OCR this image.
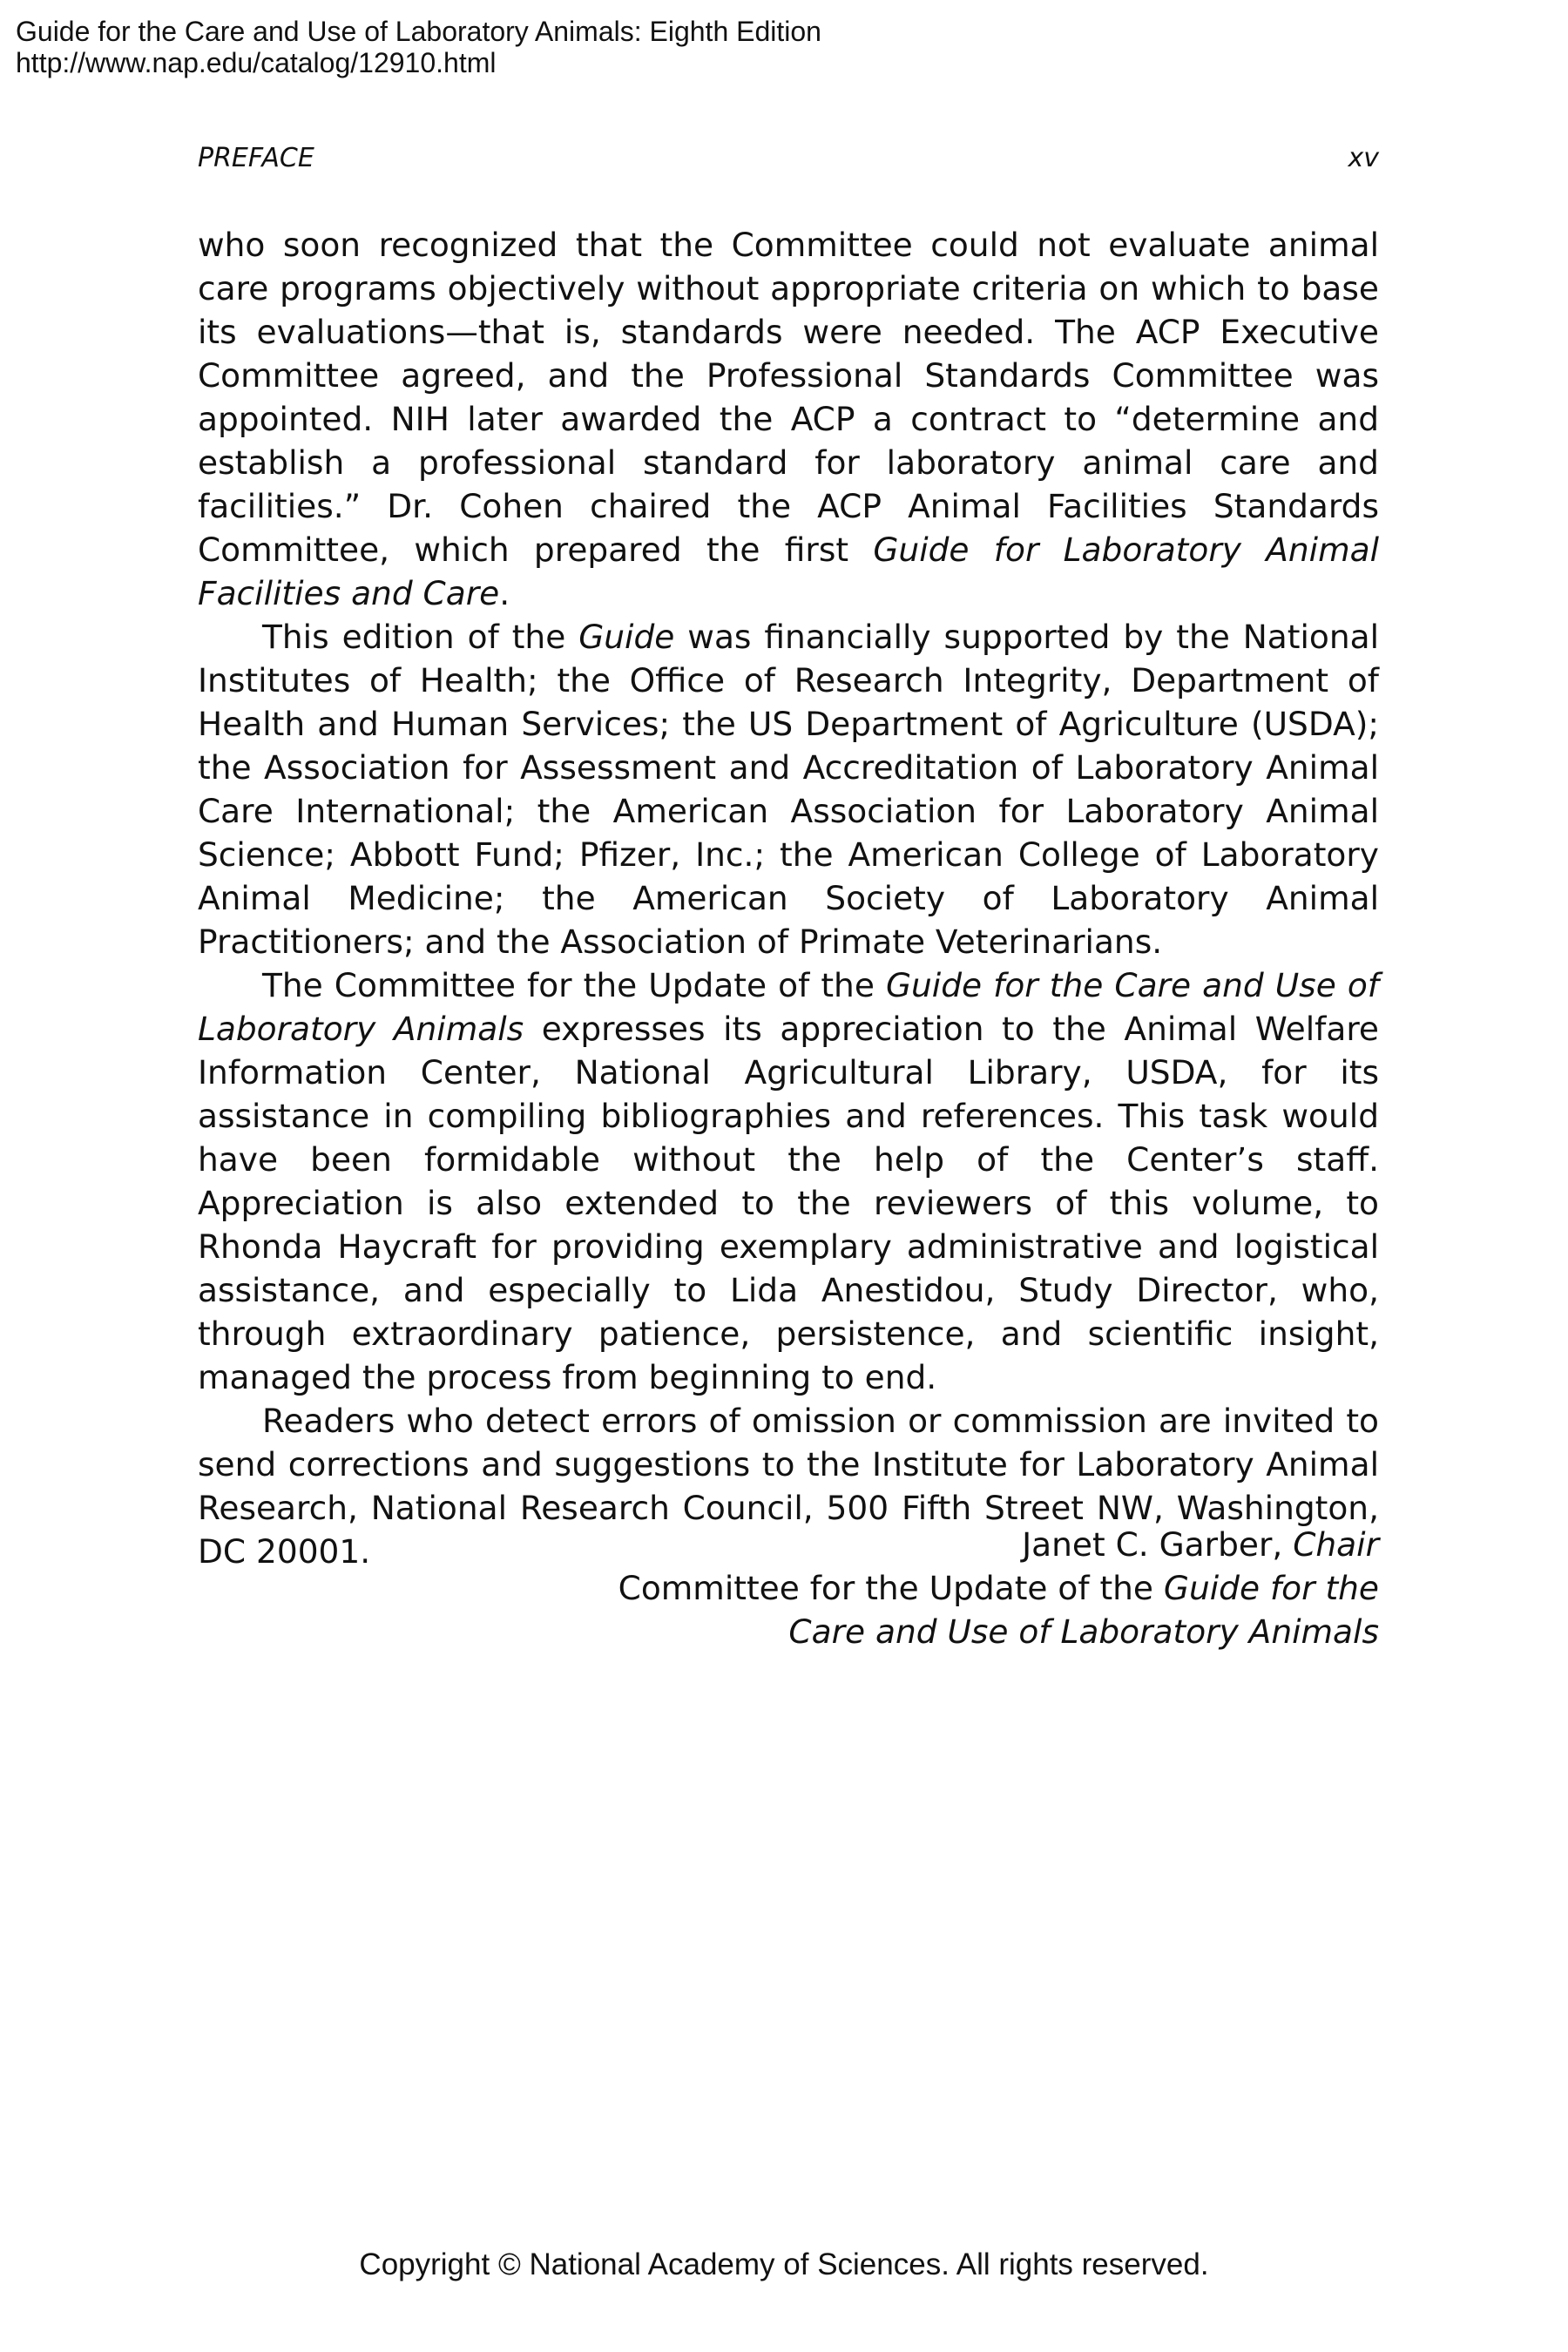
Guide for the Care and Use of Laboratory Animals: Eighth Edition
http://www.nap.edu/catalog/12910.html
PREFACE	xv

who soon recognized that the Committee could not evaluate animal care programs objectively without appropriate criteria on which to base its evaluations—that is, standards were needed. The ACP Executive Committee agreed, and the Professional Standards Committee was appointed. NIH later awarded the ACP a contract to “determine and establish a professional standard for laboratory animal care and facilities.” Dr. Cohen chaired the ACP Animal Facilities Standards Committee, which prepared the first Guide for Laboratory Animal Facilities and Care.

This edition of the Guide was financially supported by the National Institutes of Health; the Office of Research Integrity, Department of Health and Human Services; the US Department of Agriculture (USDA); the Association for Assessment and Accreditation of Laboratory Animal Care International; the American Association for Laboratory Animal Science; Abbott Fund; Pfizer, Inc.; the American College of Laboratory Animal Medicine; the American Society of Laboratory Animal Practitioners; and the Association of Primate Veterinarians.

The Committee for the Update of the Guide for the Care and Use of Laboratory Animals expresses its appreciation to the Animal Welfare Information Center, National Agricultural Library, USDA, for its assistance in compiling bibliographies and references. This task would have been formidable without the help of the Center’s staff. Appreciation is also extended to the reviewers of this volume, to Rhonda Haycraft for providing exemplary administrative and logistical assistance, and especially to Lida Anestidou, Study Director, who, through extraordinary patience, persistence, and scientific insight, managed the process from beginning to end.

Readers who detect errors of omission or commission are invited to send corrections and suggestions to the Institute for Laboratory Animal Research, National Research Council, 500 Fifth Street NW, Washington, DC 20001.	Janet C. Garber, Chair
Committee for the Update of the Guide for the
Care and Use of Laboratory Animals
Copyright © National Academy of Sciences. All rights reserved.
